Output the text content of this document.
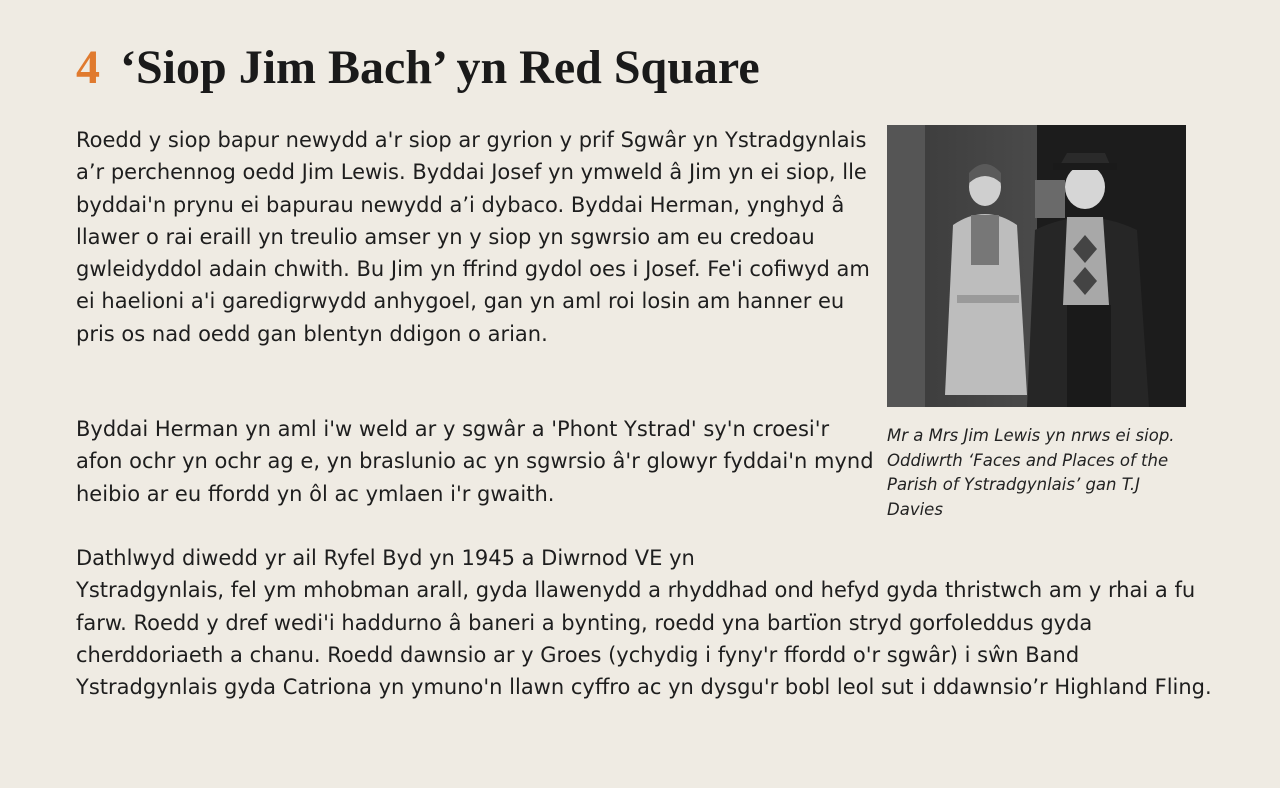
4 ‘Siop Jim Bach’ yn Red Square

Roedd y siop bapur newydd a'r siop ar gyrion y prif Sgwâr yn Ystradgynlais a’r perchennog oedd Jim Lewis. Byddai Josef yn ymweld â Jim yn ei siop, lle byddai'n prynu ei bapurau newydd a’i dybaco. Byddai Herman, ynghyd â llawer o rai eraill yn treulio amser yn y siop yn sgwrsio am eu credoau gwleidyddol adain chwith. Bu Jim yn ffrind gydol oes i Josef. Fe'i cofiwyd am ei haelioni a'i garedigrwydd anhygoel, gan yn aml roi losin am hanner eu pris os nad oedd gan blentyn ddigon o arian.

Mr a Mrs Jim Lewis yn nrws ei siop. Oddiwrth ‘Faces and Places of the Parish of Ystradgynlais’ gan T.J Davies

Byddai Herman yn aml i'w weld ar y sgwâr a 'Phont Ystrad' sy'n croesi'r afon ochr yn ochr ag e, yn braslunio ac yn sgwrsio â'r glowyr fyddai'n mynd heibio ar eu ffordd yn ôl ac ymlaen i'r gwaith.

Dathlwyd diwedd yr ail Ryfel Byd yn 1945 a Diwrnod VE yn
Ystradgynlais, fel ym mhobman arall, gyda llawenydd a rhyddhad ond hefyd gyda thristwch am y rhai a fu farw. Roedd y dref wedi'i haddurno â baneri a bynting, roedd yna bartïon stryd gorfoleddus gyda cherddoriaeth a chanu. Roedd dawnsio ar y Groes (ychydig i fyny'r ffordd o'r sgwâr) i sŵn Band Ystradgynlais gyda Catriona yn ymuno'n llawn cyffro ac yn dysgu'r bobl leol sut i ddawnsio’r Highland Fling.
